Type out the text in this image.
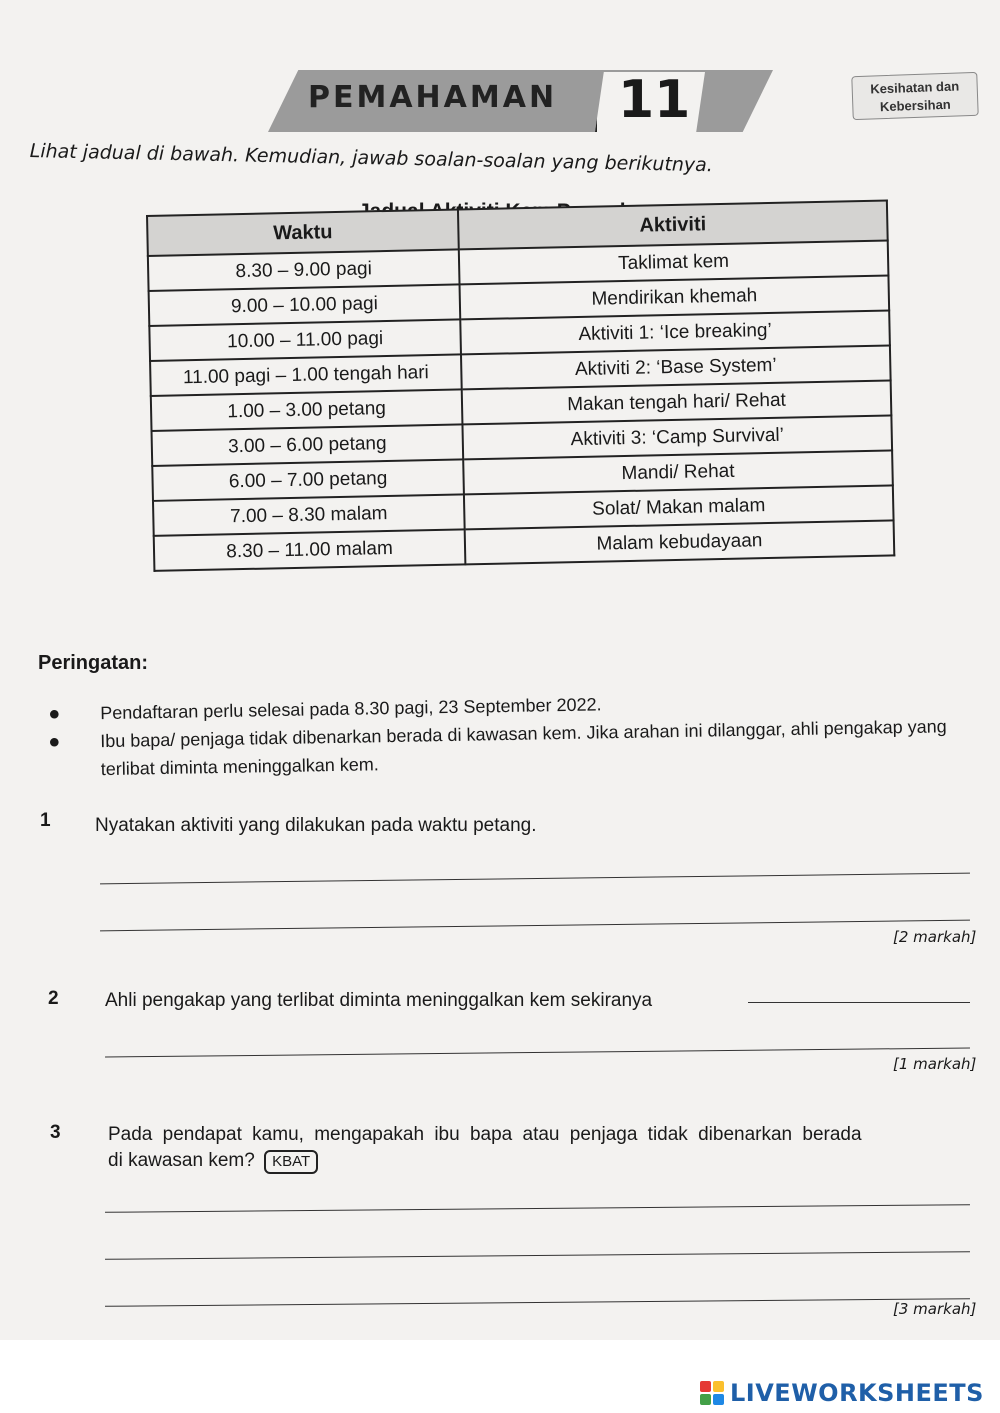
PEMAHAMAN 11	Kesihatan dan
Kebersihan
Lihat jadual di bawah. Kemudian, jawab soalan-soalan yang berikutnya.
Waktu	Aktiviti
8.30 – 9.00 pagi	Taklimat kem
9.00 – 10.00 pagi	Mendirikan khemah
10.00 – 11.00 pagi	Aktiviti 1: ‘Ice breaking’
11.00 pagi – 1.00 tengah hari	Aktiviti 2: ‘Base System’
1.00 – 3.00 petang	Makan tengah hari/ Rehat
3.00 – 6.00 petang	Aktiviti 3: ‘Camp Survival’
6.00 – 7.00 petang	Mandi/ Rehat
7.00 – 8.30 malam	Solat/ Makan malam
8.30 – 11.00 malam	Malam kebudayaan
Peringatan:
● Pendaftaran perlu selesai pada 8.30 pagi, 23 September 2022.
● Ibu bapa/ penjaga tidak dibenarkan berada di kawasan kem. Jika arahan ini dilanggar, ahli pengakap yang terlibat diminta meninggalkan kem.
1 Nyatakan aktiviti yang dilakukan pada waktu petang.
[2 markah]
2 Ahli pengakap yang terlibat diminta meninggalkan kem sekiranya
[1 markah]
3 Pada pendapat kamu, mengapakah ibu bapa atau penjaga tidak dibenarkan berada
di kawasan kem? KBAT
[3 markah]
LIVEWORKSHEETS
